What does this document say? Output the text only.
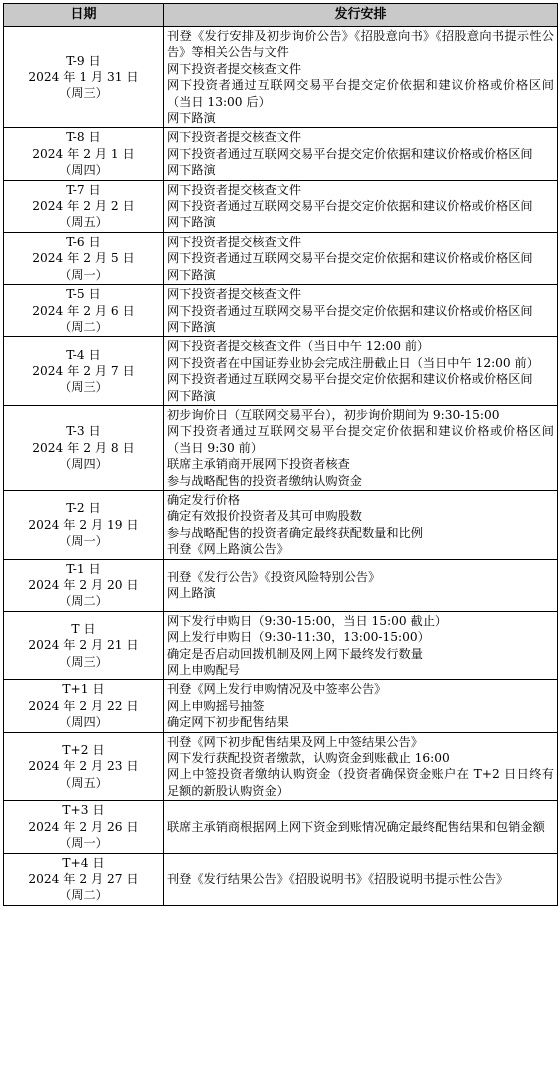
日期	发行安排

T-9 日
2024 年 1 月 31 日
（周三）	刊登《发行安排及初步询价公告》《招股意向书》《招股意向书提示性公告》等相关公告与文件
网下投资者提交核查文件
网下投资者通过互联网交易平台提交定价依据和建议价格或价格区间（当日 13:00 后）
网下路演

T-8 日
2024 年 2 月 1 日
（周四）	网下投资者提交核查文件
网下投资者通过互联网交易平台提交定价依据和建议价格或价格区间
网下路演

T-7 日
2024 年 2 月 2 日
（周五）	网下投资者提交核查文件
网下投资者通过互联网交易平台提交定价依据和建议价格或价格区间
网下路演

T-6 日
2024 年 2 月 5 日
（周一）	网下投资者提交核查文件
网下投资者通过互联网交易平台提交定价依据和建议价格或价格区间
网下路演

T-5 日
2024 年 2 月 6 日
（周二）	网下投资者提交核查文件
网下投资者通过互联网交易平台提交定价依据和建议价格或价格区间
网下路演

T-4 日
2024 年 2 月 7 日
（周三）	网下投资者提交核查文件（当日中午 12:00 前）
网下投资者在中国证券业协会完成注册截止日（当日中午 12:00 前）
网下投资者通过互联网交易平台提交定价依据和建议价格或价格区间
网下路演

T-3 日
2024 年 2 月 8 日
（周四）	初步询价日（互联网交易平台），初步询价期间为 9:30-15:00
网下投资者通过互联网交易平台提交定价依据和建议价格或价格区间（当日 9:30 前）
联席主承销商开展网下投资者核查
参与战略配售的投资者缴纳认购资金

T-2 日
2024 年 2 月 19 日
（周一）	确定发行价格
确定有效报价投资者及其可申购股数
参与战略配售的投资者确定最终获配数量和比例
刊登《网上路演公告》

T-1 日
2024 年 2 月 20 日
（周二）	刊登《发行公告》《投资风险特别公告》
网上路演

T 日
2024 年 2 月 21 日
（周三）	网下发行申购日（9:30-15:00，当日 15:00 截止）
网上发行申购日（9:30-11:30，13:00-15:00）
确定是否启动回拨机制及网上网下最终发行数量
网上申购配号

T+1 日
2024 年 2 月 22 日
（周四）	刊登《网上发行申购情况及中签率公告》
网上申购摇号抽签
确定网下初步配售结果

T+2 日
2024 年 2 月 23 日
（周五）	刊登《网下初步配售结果及网上中签结果公告》
网下发行获配投资者缴款，认购资金到账截止 16:00
网上中签投资者缴纳认购资金（投资者确保资金账户在 T+2 日日终有足额的新股认购资金）

T+3 日
2024 年 2 月 26 日
（周一）	联席主承销商根据网上网下资金到账情况确定最终配售结果和包销金额

T+4 日
2024 年 2 月 27 日
（周二）	刊登《发行结果公告》《招股说明书》《招股说明书提示性公告》
